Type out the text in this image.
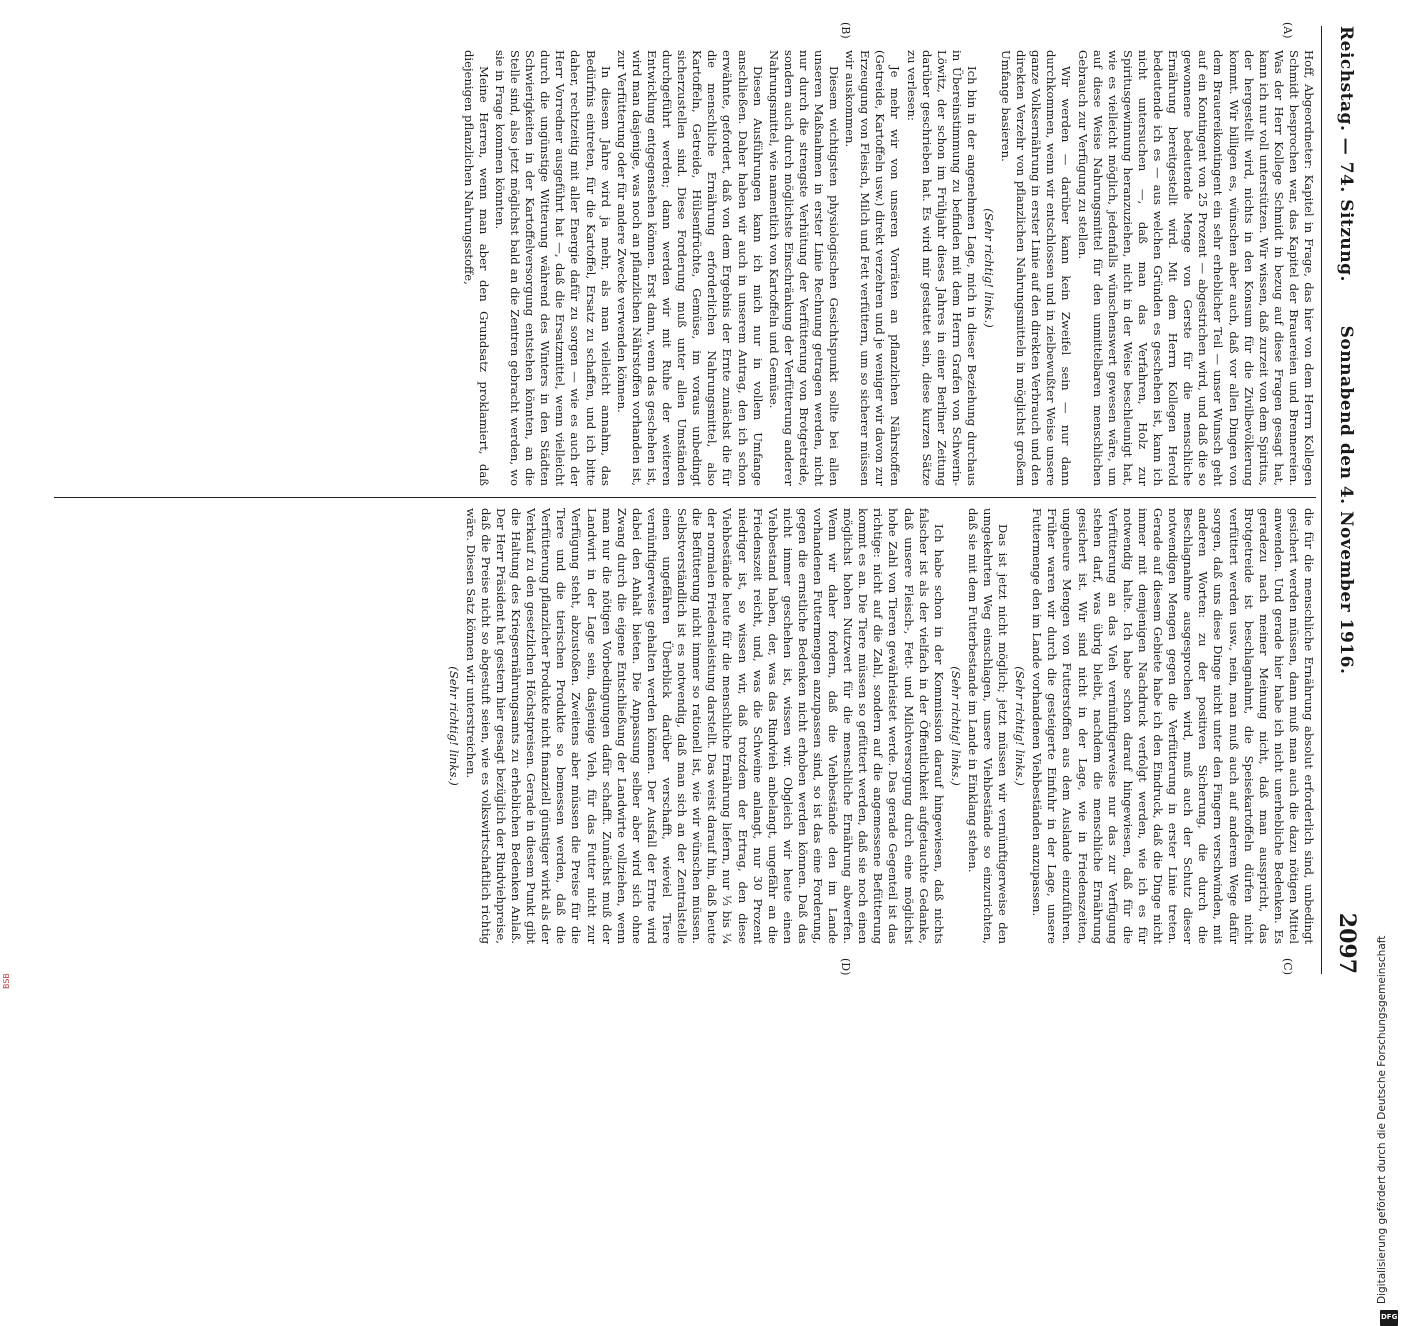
Reichstag. — 74. Sitzung.
Sonnabend den 4. November 1916.
2097
(A)
(B)
(C)
(D)

Hoff, Abgeordneter: Kapitel in Frage, das hier von dem Herrn Kollegen Schmidt besprochen war, das Kapitel der Brauereien und Brennereien. Was der Herr Kollege Schmidt in bezug auf diese Fragen gesagt hat, kann ich nur voll unterstützen. Wir wissen, daß zurzeit von dem Spiritus, der hergestellt wird, nichts in den Konsum für die Zivilbevölkerung kommt. Wir billigen es, wünschen aber auch, daß vor allen Dingen von dem Brauereikontingent ein sehr erheblicher Teil — unser Wunsch geht auf ein Kontingent von 25 Prozent — abgestrichen wird, und daß die so gewonnene bedeutende Menge von Gerste für die menschliche Ernährung bereitgestellt wird. Mit dem Herrn Kollegen Herold bedeutende ich es — aus welchen Gründen es geschehen ist, kann ich nicht untersuchen —, daß man das Verfahren, Holz zur Spiritusgewinnung heranzuziehen, nicht in der Weise beschleunigt hat, wie es vielleicht möglich, jedenfalls wünschenswert gewesen wäre, um auf diese Weise Nahrungsmittel für den unmittelbaren menschlichen Gebrauch zur Verfügung zu stellen.

Wir werden — darüber kann kein Zweifel sein — nur dann durchkommen, wenn wir entschlossen und in zielbewußter Weise unsere ganze Volksernährung in erster Linie auf den direkten Verbrauch und den direkten Verzehr von pflanzlichen Nahrungsmitteln in möglichst großem Umfange basieren.

(Sehr richtig! links.)

Ich bin in der angenehmen Lage, mich in dieser Beziehung durchaus in Übereinstimmung zu befinden mit dem Herrn Grafen von Schwerin-Löwitz, der schon im Frühjahr dieses Jahres in einer Berliner Zeitung darüber geschrieben hat. Es wird mir gestattet sein, diese kurzen Sätze zu verlesen:

Je mehr wir von unseren Vorräten an pflanzlichen Nährstoffen (Getreide, Kartoffeln usw.) direkt verzehren und je weniger wir davon zur Erzeugung von Fleisch, Milch und Fett verfüttern, um so sicherer müssen wir auskommen.

Diesem wichtigsten physiologischen Gesichtspunkt sollte bei allen unseren Maßnahmen in erster Linie Rechnung getragen werden, nicht nur durch die strengste Verhütung der Verfütterung von Brotgetreide, sondern auch durch möglichste Einschränkung der Verfütterung anderer Nahrungsmittel, wie namentlich von Kartoffeln und Gemüse.

Diesen Ausführungen kann ich mich nur in vollem Umfange anschließen. Daher haben wir auch in unserem Antrag, den ich schon erwähnte, gefordert, daß von dem Ergebnis der Ernte zunächst die für die menschliche Ernährung erforderlichen Nahrungsmittel, also Kartoffeln, Getreide, Hülsenfrüchte, Gemüse, im voraus unbedingt sicherzustellen sind. Diese Forderung muß unter allen Umständen durchgeführt werden; dann werden wir mit Ruhe der weiteren Entwicklung entgegensehen können. Erst dann, wenn das geschehen ist, wird man dasjenige, was noch an pflanzlichen Nährstoffen vorhanden ist, zur Verfütterung oder für andere Zwecke verwenden können.

In diesem Jahre wird ja mehr, als man vielleicht annahm, das Bedürfnis eintreten, für die Kartoffel, Ersatz zu schaffen, und ich bitte daher, rechtzeitig mit aller Energie dafür zu sorgen — wie es auch der Herr Vorredner ausgeführt hat —, daß die Ersatzmittel, wenn vielleicht durch die ungünstige Witterung während des Winters in den Städten Schwierigkeiten in der Kartoffelversorgung entstehen könnten, an die Stelle sind, also jetzt möglichst bald an die Zentren gebracht werden, wo sie in Frage kommen könnten.

Meine Herren, wenn man aber den Grundsatz proklamiert, daß diejenigen pflanzlichen Nahrungsstoffe,

die für die menschliche Ernährung absolut erforderlich sind, unbedingt gesichert werden müssen, dann muß man auch die dazu nötigen Mittel anwenden. Und gerade hier habe ich nicht unerhebliche Bedenken. Es geradezu nach meiner Meinung nicht, daß man ausspricht, das Brotgetreide ist beschlagnahmt, die Speisekartoffeln dürfen nicht verfüttert werden usw., nein, man muß auch auf anderem Wege dafür sorgen, daß uns diese Dinge nicht unter den Fingern verschwinden, mit anderen Worten: zu der positiven Sicherung, die durch die Beschlagnahme ausgesprochen wird, muß auch der Schutz dieser notwendigen Mengen gegen die Verfütterung in erster Linie treten. Gerade auf diesem Gebiete habe ich den Eindruck, daß die Dinge nicht immer mit demjenigen Nachdruck verfolgt werden, wie ich es für notwendig halte. Ich habe schon darauf hingewiesen, daß für die Verfütterung an das Vieh vernünftigerweise nur das zur Verfügung stehen darf, was übrig bleibt, nachdem die menschliche Ernährung gesichert ist. Wir sind nicht in der Lage, wie in Friedenszeiten, ungeheure Mengen von Futterstoffen aus dem Auslande einzuführen. Früher waren wir durch die gesteigerte Einfuhr in der Lage, unsere Futtermenge den im Lande vorhandenen Viehbeständen anzupassen.

(Sehr richtig! links.)

Das ist jetzt nicht möglich; jetzt müssen wir vernünftigerweise den umgekehrten Weg einschlagen, unsere Viehbestände so einzurichten, daß sie mit dem Futterbestande im Lande in Einklang stehen.

(Sehr richtig! links.)

Ich habe schon in der Kommission darauf hingewiesen, daß nichts falscher ist als der vielfach in der Öffentlichkeit aufgetauchte Gedanke, daß unsere Fleisch-, Fett- und Milchversorgung durch eine möglichst hohe Zahl von Tieren gewährleistet werde. Das gerade Gegenteil ist das richtige: nicht auf die Zahl, sondern auf die angemessene Befütterung kommt es an. Die Tiere müssen so gefüttert werden, daß sie noch einen möglichst hohen Nutzwert für die menschliche Ernährung abwerfen. Wenn wir daher fordern, daß die Viehbestände den im Lande vorhandenen Futtermengen anzupassen sind, so ist das eine Forderung, gegen die ernstliche Bedenken nicht erhoben werden können. Daß das nicht immer geschehen ist, wissen wir. Obgleich wir heute einen Viehbestand haben, der, was das Rindvieh anbelangt, ungefähr an die Friedenszeit reicht, und, was die Schweine anlangt, nur 30 Prozent niedriger ist, so wissen wir, daß trotzdem der Ertrag, den diese Viehbestände heute für die menschliche Ernährung liefern, nur ⅓ bis ¼ der normalen Friedensleistung darstellt. Das weist darauf hin, daß heute die Befütterung nicht immer so rationell ist, wie wir wünschen müssen. Selbstverständlich ist es notwendig, daß man sich an der Zentralstelle einen ungefähren Überblick darüber verschafft, wieviel Tiere vernünftigerweise gehalten werden können. Der Ausfall der Ernte wird dabei den Anhalt bieten. Die Anpassung selber aber wird sich ohne Zwang durch die eigene Entschließung der Landwirte vollziehen, wenn man nur die nötigen Vorbedingungen dafür schafft. Zunächst muß der Landwirt in der Lage sein, dasjenige Vieh, für das Futter nicht zur Verfügung steht, abzustoßen. Zweitens aber müssen die Preise für die Tiere und die tierischen Produkte so bemessen werden, daß die Verfütterung pflanzlicher Produkte nicht finanziell günstiger wirkt als der Verkauf zu den gesetzlichen Höchstpreisen. Gerade in diesem Punkt gibt die Haltung des Kriegsernährungsamts zu erheblichen Bedenken Anlaß. Der Herr Präsident hat gestern hier gesagt bezüglich der Rindviehpreise, daß die Preise nicht so abgestuft seien, wie es volkswirtschaftlich richtig wäre. Diesen Satz können wir unterstreichen.

(Sehr richtig! links.)

Digitalisierung gefördert durch die Deutsche Forschungsgemeinschaft
DFG
BSB
